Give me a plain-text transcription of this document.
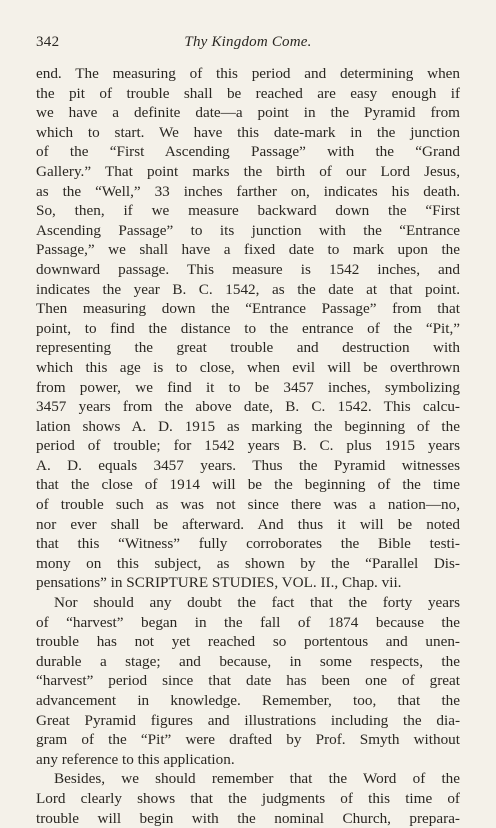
342	Thy Kingdom Come.
end. The measuring of this period and determining when
the pit of trouble shall be reached are easy enough if
we have a definite date—a point in the Pyramid from
which to start. We have this date-mark in the junction
of the “First Ascending Passage” with the “Grand
Gallery.” That point marks the birth of our Lord Jesus,
as the “Well,” 33 inches farther on, indicates his death.
So, then, if we measure backward down the “First
Ascending Passage” to its junction with the “Entrance
Passage,” we shall have a fixed date to mark upon the
downward passage. This measure is 1542 inches, and
indicates the year B. C. 1542, as the date at that point.
Then measuring down the “Entrance Passage” from that
point, to find the distance to the entrance of the “Pit,”
representing the great trouble and destruction with
which this age is to close, when evil will be overthrown
from power, we find it to be 3457 inches, symbolizing
3457 years from the above date, B. C. 1542. This calcu-
lation shows A. D. 1915 as marking the beginning of the
period of trouble; for 1542 years B. C. plus 1915 years
A. D. equals 3457 years. Thus the Pyramid witnesses
that the close of 1914 will be the beginning of the time
of trouble such as was not since there was a nation—no,
nor ever shall be afterward. And thus it will be noted
that this “Witness” fully corroborates the Bible testi-
mony on this subject, as shown by the “Parallel Dis-
pensations” in SCRIPTURE STUDIES, VOL. II., Chap. vii.
Nor should any doubt the fact that the forty years
of “harvest” began in the fall of 1874 because the
trouble has not yet reached so portentous and unen-
durable a stage; and because, in some respects, the
“harvest” period since that date has been one of great
advancement in knowledge. Remember, too, that the
Great Pyramid figures and illustrations including the dia-
gram of the “Pit” were drafted by Prof. Smyth without
any reference to this application.
Besides, we should remember that the Word of the
Lord clearly shows that the judgments of this time of
trouble will begin with the nominal Church, prepara-
